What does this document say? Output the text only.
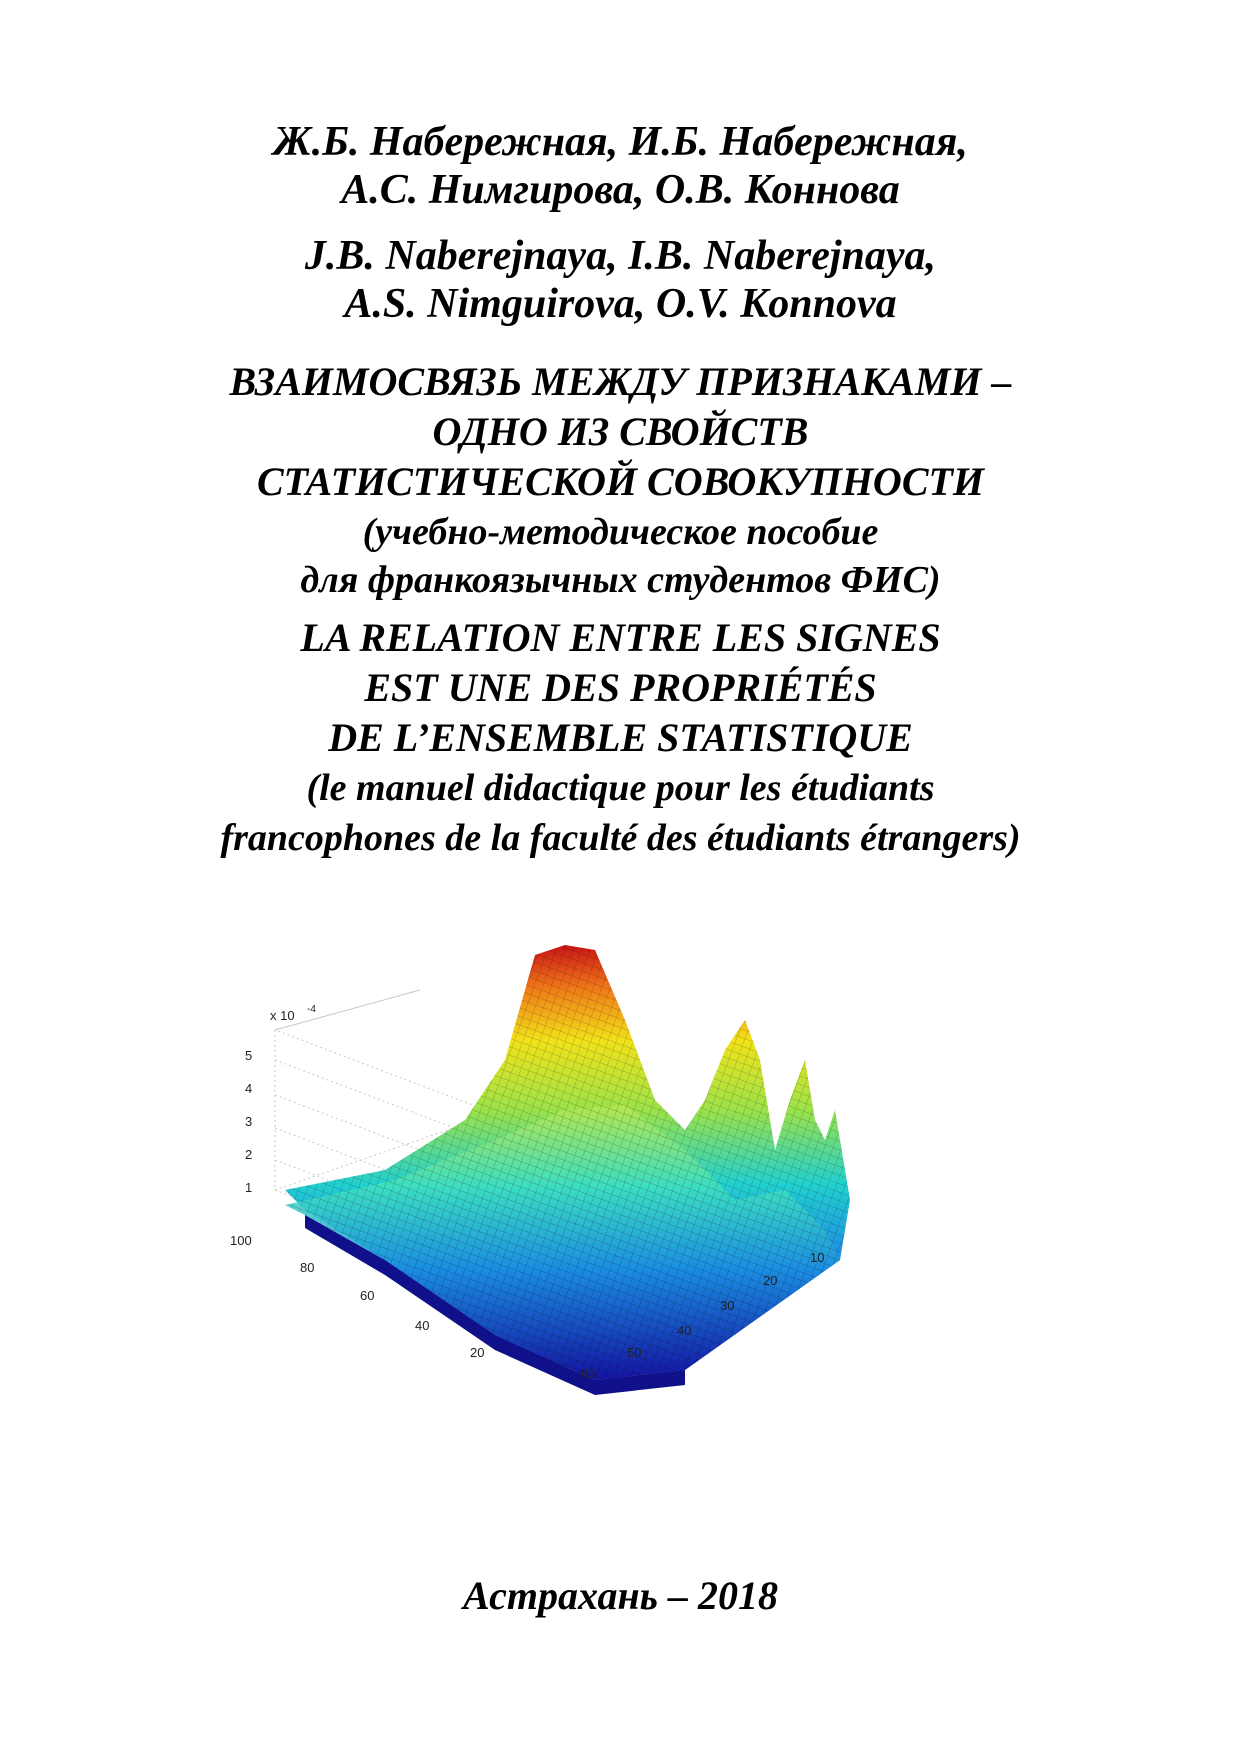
Ж.Б. Набережная, И.Б. Набережная,
А.С. Нимгирова, О.В. Коннова
J.B. Naberejnaya, I.B. Naberejnaya,
A.S. Nimguirova, O.V. Konnova
ВЗАИМОСВЯЗЬ МЕЖДУ ПРИЗНАКАМИ –
ОДНО ИЗ СВОЙСТВ
СТАТИСТИЧЕСКОЙ СОВОКУПНОСТИ
(учебно-методическое пособие
для франкоязычных студентов ФИС)
LA RELATION ENTRE LES SIGNES
EST UNE DES PROPRIÉTÉS
DE L’ENSEMBLE STATISTIQUE
(le manuel didactique pour les étudiants
francophones de la faculté des étudiants étrangers)
x 10 -4
5
4
3
2
1
100
80
60
40
20
10
20
30
40
50
60
Астрахань – 2018
